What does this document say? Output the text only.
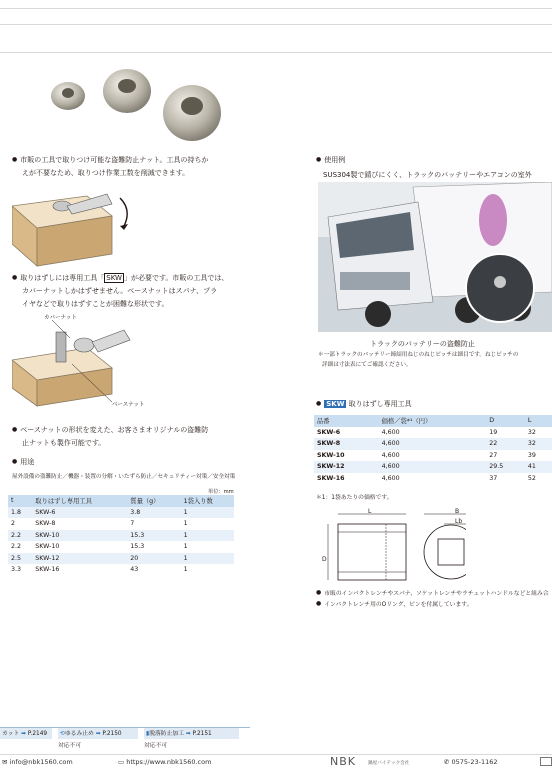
● 市販の工具で取りつけ可能な盗難防止ナット。工具の持ちか
えが不要なため、取りつけ作業工数を削減できます。
● 取りはずしには専用工具「 SKW 」が必要です。市販の工具では、
カバーナットしかはずせません。ベースナットはスパナ、プラ
イヤなどで取りはずすことが困難な形状です。
カバーナット
ベースナット
● ベースナットの形状を変えた、お客さまオリジナルの盗難防
止ナットも製作可能です。
● 用途
屋外設備の盗難防止／機器・装置の分解・いたずら防止／セキュリティー対策／安全対策
単位：mm
t	取りはずし専用工具	質量（g）	1袋入り数
1.8	SKW-6	3.8	1
2	SKW-8	7	1
2.2	SKW-10	15.3	1
2.2	SKW-10	15.3	1
2.5	SKW-12	20	1
3.3	SKW-16	43	1
● 使用例
SUS304製で錆びにくく、トラックのバッテリーやエアコンの室外
トラックのバッテリーの盗難防止
＊一部トラックのバッテリー締結用ねじのねじピッチは細目です。ねじピッチの
詳細は寸法表にてご確認ください。
● SKW 取りはずし専用工具
品番	価格／袋*¹（円）	D	L
SKW-6	4,600	19	32
SKW-8	4,600	22	32
SKW-10	4,600	27	39
SKW-12	4,600	29.5	41
SKW-16	4,600	37	52
＊1：1袋あたりの価格です。
L
D
B
Lb
● 市販のインパクトレンチやスパナ、ソケットレンチやラチェットハンドルなどと組み合
● インパクトレンチ用のOリング、ピンを付属しています。
カット ➡ P.2149	⟲ゆるみ止め ➡ P.2150
対応不可
▮脱落防止加工 ➡ P.2151
対応不可
✉ info@nbk1560.com	▭ https://www.nbk1560.com	NBK	鍋屋バイテック会社	✆ 0575-23-1162
